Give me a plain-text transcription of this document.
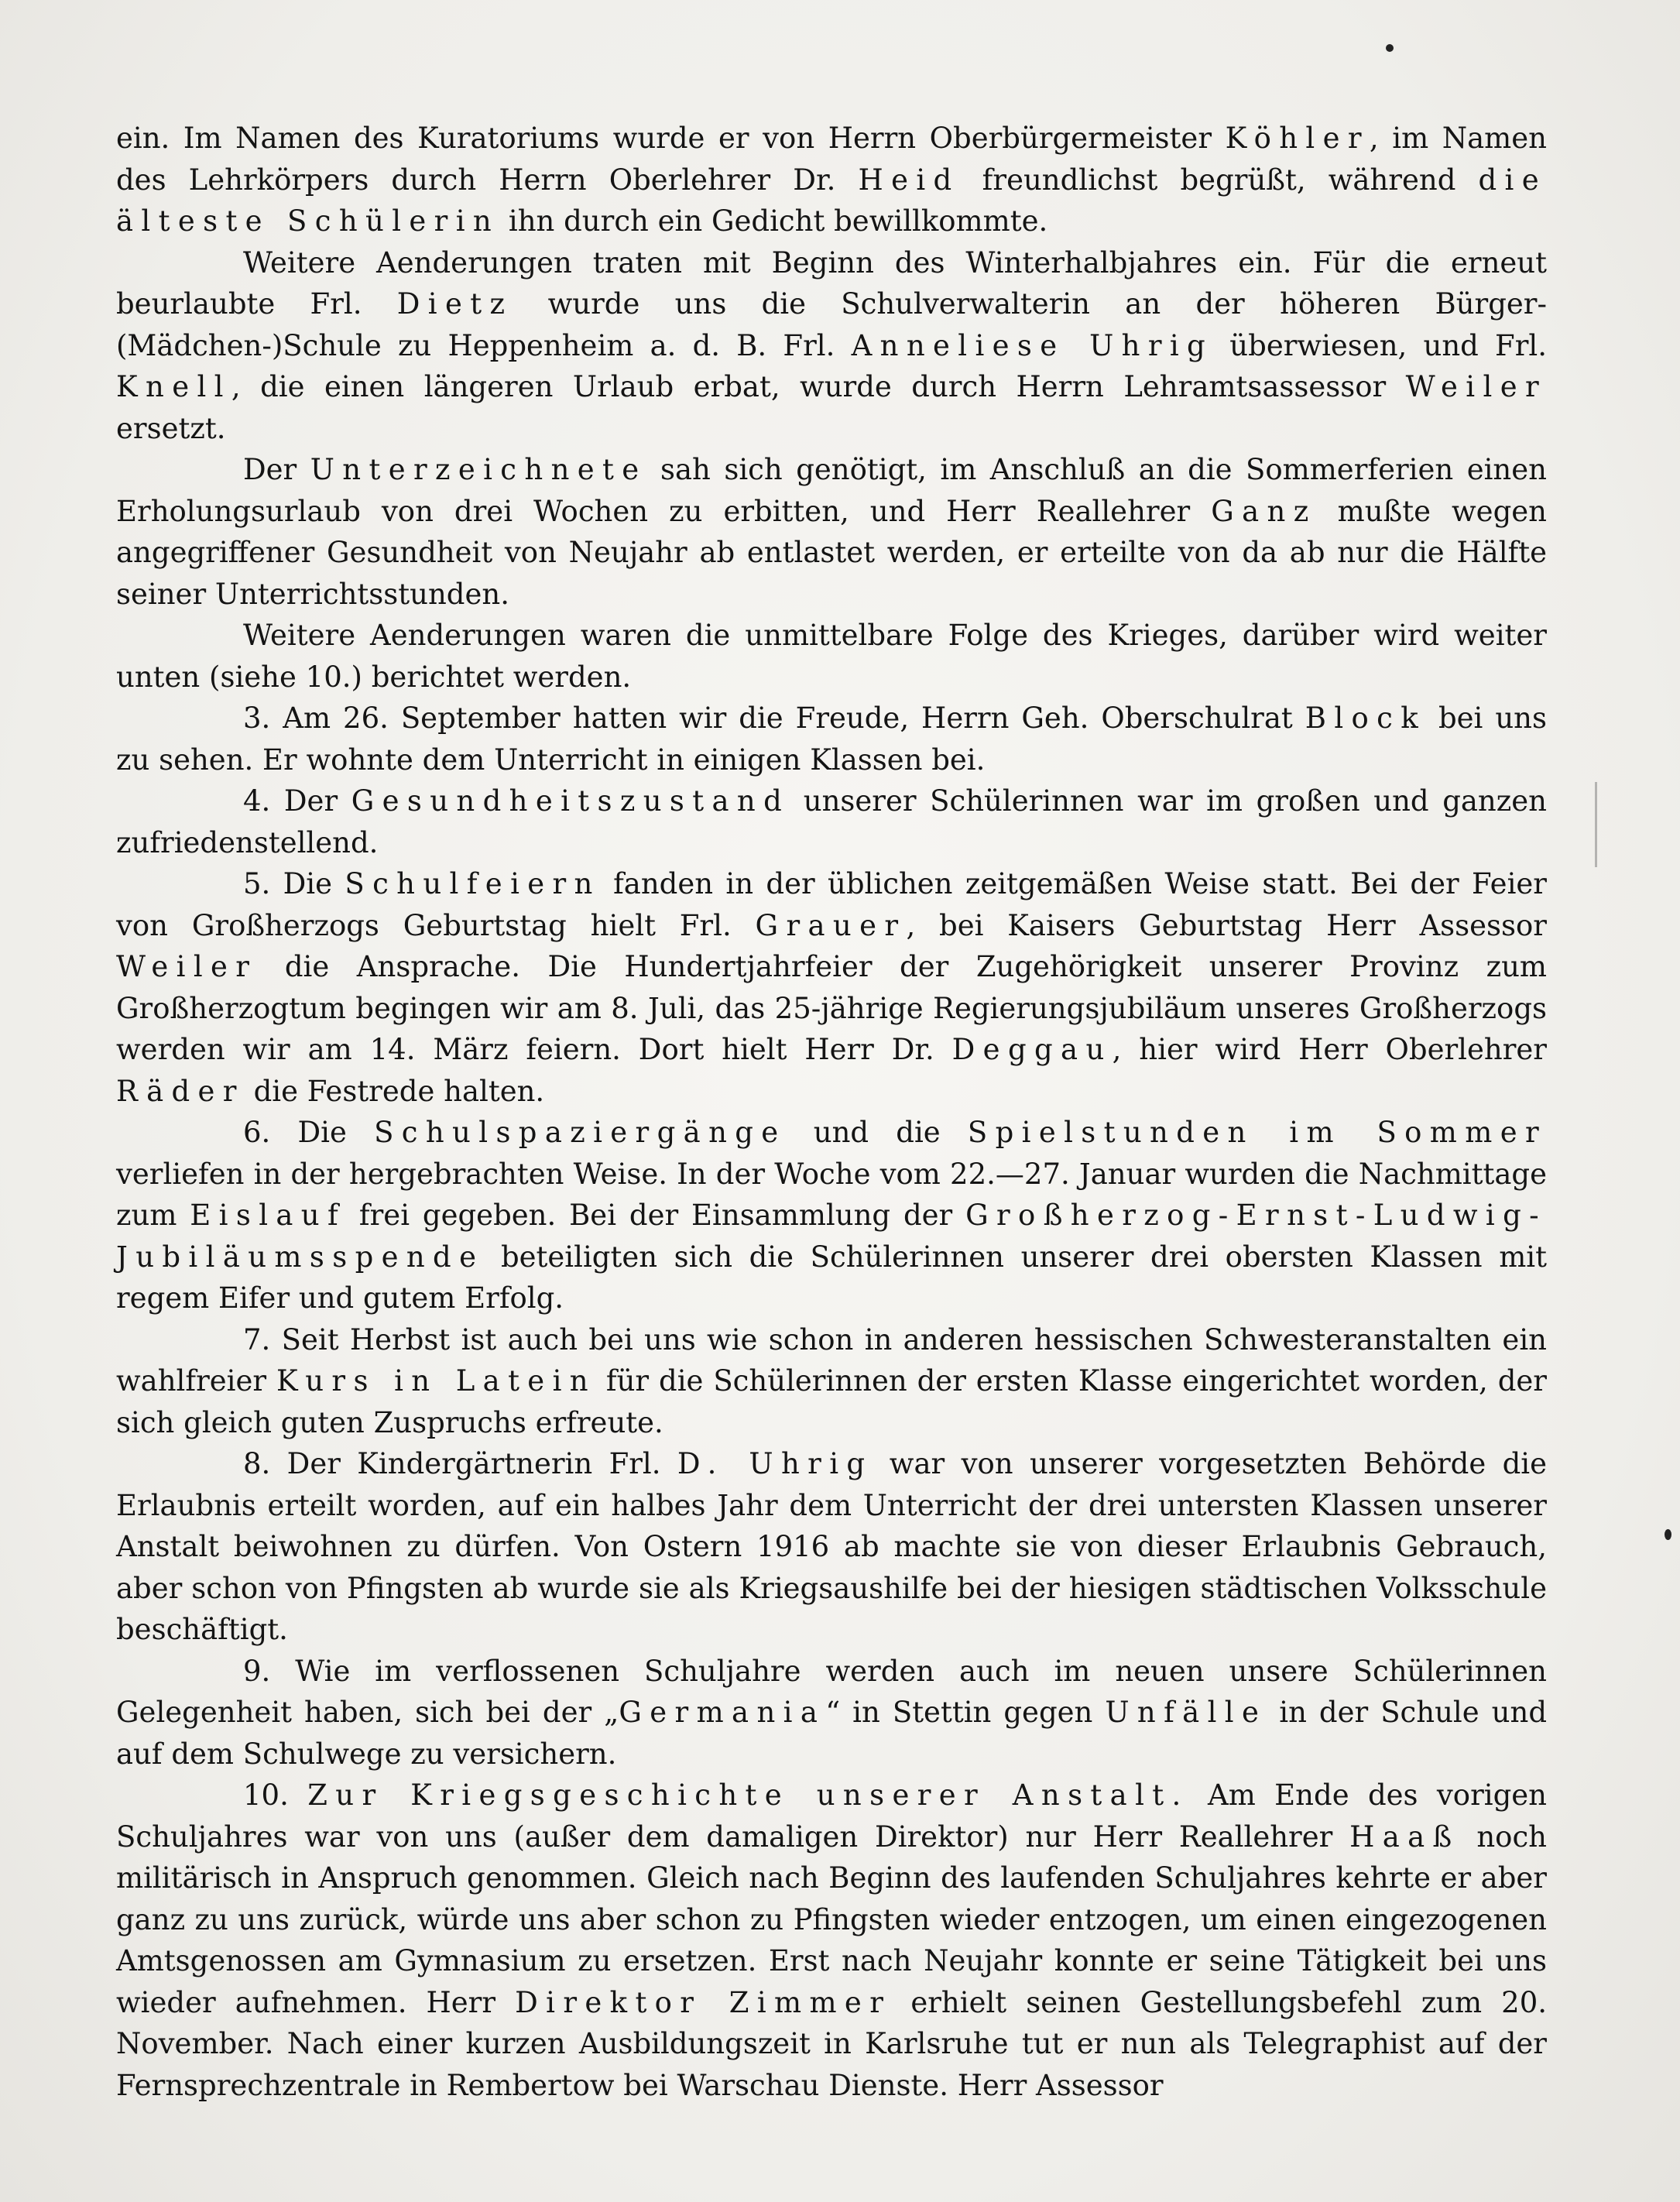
ein. Im Namen des Kuratoriums wurde er von Herrn Oberbürgermeister Köhler, im Namen des Lehrkörpers durch Herrn Oberlehrer Dr. Heid freundlichst begrüßt, während die älteste Schülerin ihn durch ein Gedicht bewillkommte.

Weitere Aenderungen traten mit Beginn des Winterhalbjahres ein. Für die erneut beurlaubte Frl. Dietz wurde uns die Schulverwalterin an der höheren Bürger-(Mädchen-)Schule zu Heppenheim a. d. B. Frl. Anneliese Uhrig überwiesen, und Frl. Knell, die einen längeren Urlaub erbat, wurde durch Herrn Lehramtsassessor Weiler ersetzt.

Der Unterzeichnete sah sich genötigt, im Anschluß an die Sommerferien einen Erholungsurlaub von drei Wochen zu erbitten, und Herr Reallehrer Ganz mußte wegen angegriffener Gesundheit von Neujahr ab entlastet werden, er erteilte von da ab nur die Hälfte seiner Unterrichtsstunden.

Weitere Aenderungen waren die unmittelbare Folge des Krieges, darüber wird weiter unten (siehe 10.) berichtet werden.

3. Am 26. September hatten wir die Freude, Herrn Geh. Oberschulrat Block bei uns zu sehen. Er wohnte dem Unterricht in einigen Klassen bei.

4. Der Gesundheitszustand unserer Schülerinnen war im großen und ganzen zufriedenstellend.

5. Die Schulfeiern fanden in der üblichen zeitgemäßen Weise statt. Bei der Feier von Großherzogs Geburtstag hielt Frl. Grauer, bei Kaisers Geburtstag Herr Assessor Weiler die Ansprache. Die Hundertjahrfeier der Zugehörigkeit unserer Provinz zum Großherzogtum begingen wir am 8. Juli, das 25-jährige Regierungsjubiläum unseres Großherzogs werden wir am 14. März feiern. Dort hielt Herr Dr. Deggau, hier wird Herr Oberlehrer Räder die Festrede halten.

6. Die Schulspaziergänge und die Spielstunden im Sommer verliefen in der hergebrachten Weise. In der Woche vom 22.—27. Januar wurden die Nachmittage zum Eislauf frei gegeben. Bei der Einsammlung der Großherzog-Ernst-Ludwig-Jubiläumsspende beteiligten sich die Schülerinnen unserer drei obersten Klassen mit regem Eifer und gutem Erfolg.

7. Seit Herbst ist auch bei uns wie schon in anderen hessischen Schwesteranstalten ein wahlfreier Kurs in Latein für die Schülerinnen der ersten Klasse eingerichtet worden, der sich gleich guten Zuspruchs erfreute.

8. Der Kindergärtnerin Frl. D. Uhrig war von unserer vorgesetzten Behörde die Erlaubnis erteilt worden, auf ein halbes Jahr dem Unterricht der drei untersten Klassen unserer Anstalt beiwohnen zu dürfen. Von Ostern 1916 ab machte sie von dieser Erlaubnis Gebrauch, aber schon von Pfingsten ab wurde sie als Kriegsaushilfe bei der hiesigen städtischen Volksschule beschäftigt.

9. Wie im verflossenen Schuljahre werden auch im neuen unsere Schülerinnen Gelegenheit haben, sich bei der „Germania“ in Stettin gegen Unfälle in der Schule und auf dem Schulwege zu versichern.

10. Zur Kriegsgeschichte unserer Anstalt. Am Ende des vorigen Schuljahres war von uns (außer dem damaligen Direktor) nur Herr Reallehrer Haaß noch militärisch in Anspruch genommen. Gleich nach Beginn des laufenden Schuljahres kehrte er aber ganz zu uns zurück, würde uns aber schon zu Pfingsten wieder entzogen, um einen eingezogenen Amtsgenossen am Gymnasium zu ersetzen. Erst nach Neujahr konnte er seine Tätigkeit bei uns wieder aufnehmen. Herr Direktor Zimmer erhielt seinen Gestellungsbefehl zum 20. November. Nach einer kurzen Ausbildungszeit in Karlsruhe tut er nun als Telegraphist auf der Fernsprechzentrale in Rembertow bei Warschau Dienste. Herr Assessor
